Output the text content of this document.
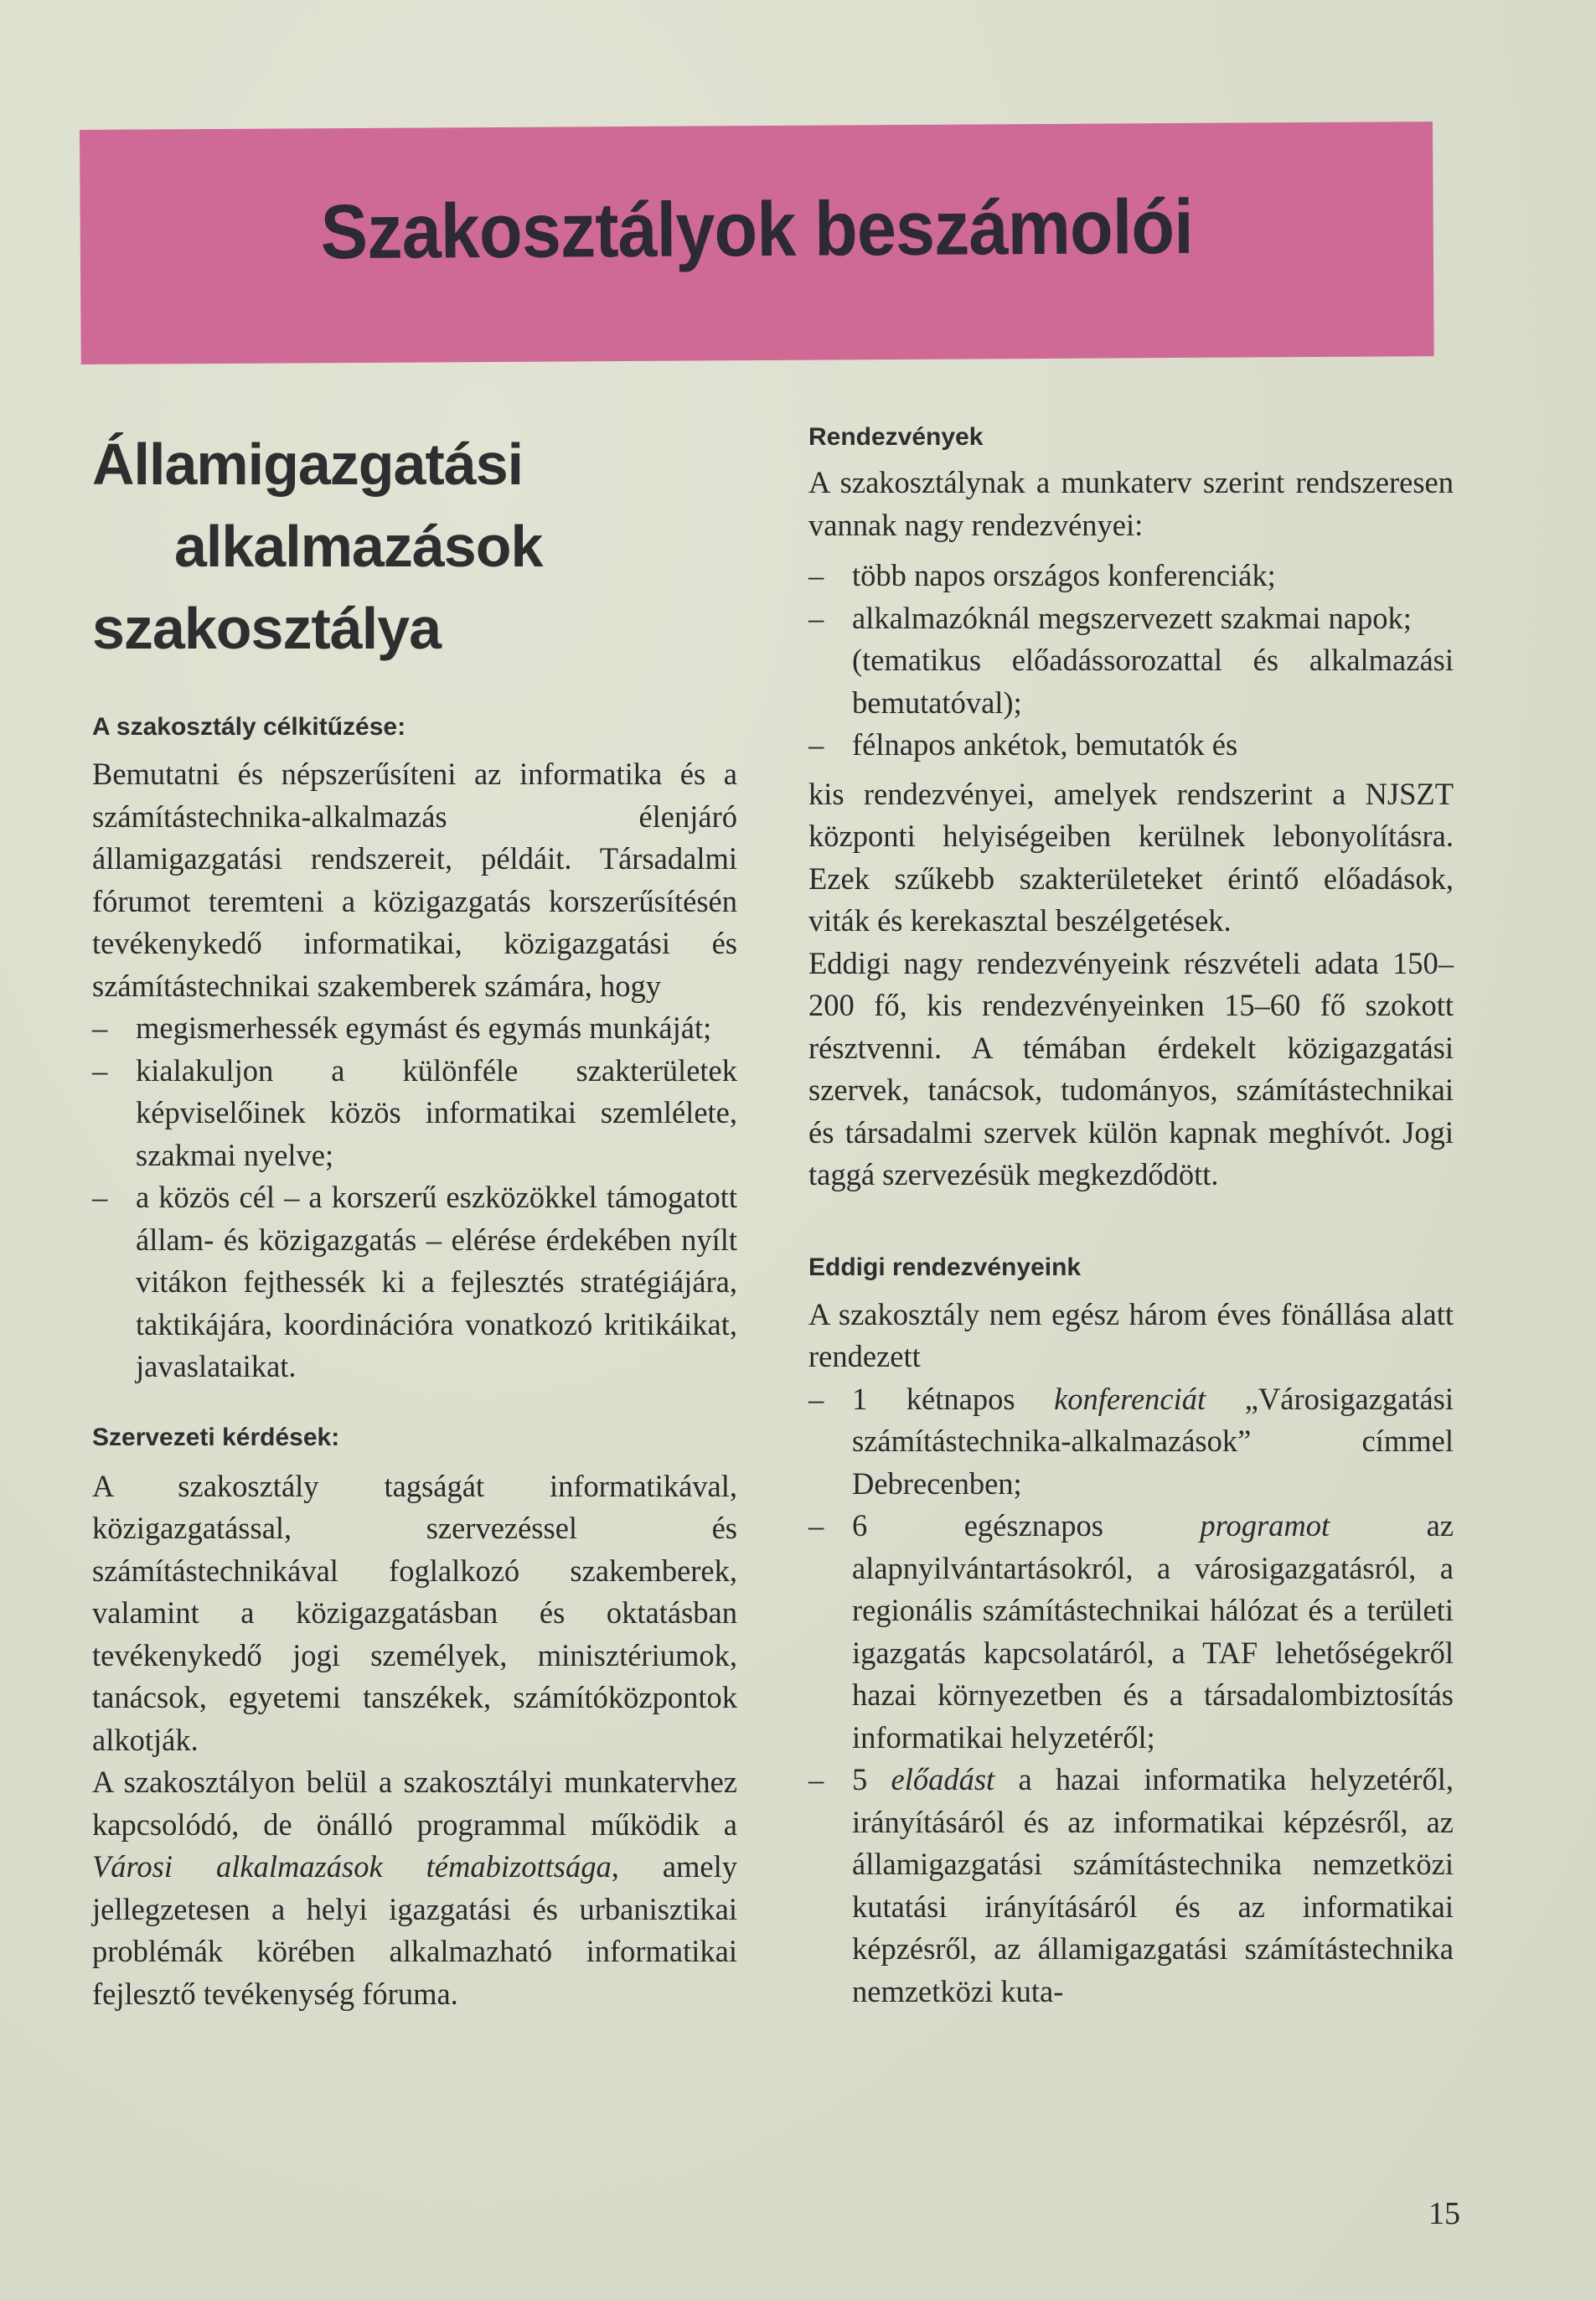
Szakosztályok beszámolói
Államigazgatási
alkalmazások
szakosztálya
A szakosztály célkitűzése:

Bemutatni és népszerűsíteni az informatika és a számítástechnika-alkalmazás élenjáró államigazgatási rendszereit, példáit. Társadalmi fórumot teremteni a közigazgatás korszerűsítésén tevékenykedő informatikai, közigazgatási és számítástechnikai szakemberek számára, hogy

– megismerhessék egymást és egymás munkáját;
– kialakuljon a különféle szakterületek képviselőinek közös informatikai szemlélete, szakmai nyelve;
– a közös cél – a korszerű eszközökkel támogatott állam- és közigazgatás – elérése érdekében nyílt vitákon fejthessék ki a fejlesztés stratégiájára, taktikájára, koordinációra vonatkozó kritikáikat, javaslataikat.
Szervezeti kérdések:

A szakosztály tagságát informatikával, közigazgatással, szervezéssel és számítástechnikával foglalkozó szakemberek, valamint a közigazgatásban és oktatásban tevékenykedő jogi személyek, minisztériumok, tanácsok, egyetemi tanszékek, számítóközpontok alkotják.

A szakosztályon belül a szakosztályi munkatervhez kapcsolódó, de önálló programmal működik a Városi alkalmazások témabizottsága, amely jellegzetesen a helyi igazgatási és urbanisztikai problémák körében alkalmazható informatikai fejlesztő tevékenység fóruma.

Rendezvények

A szakosztálynak a munkaterv szerint rendszeresen vannak nagy rendezvényei:

– több napos országos konferenciák;
– alkalmazóknál megszervezett szakmai napok;
(tematikus előadássorozattal és alkalmazási bemutatóval);
– félnapos ankétok, bemutatók és

kis rendezvényei, amelyek rendszerint a NJSZT központi helyiségeiben kerülnek lebonyolításra. Ezek szűkebb szakterületeket érintő előadások, viták és kerekasztal beszélgetések.

Eddigi nagy rendezvényeink részvételi adata 150–200 fő, kis rendezvényeinken 15–60 fő szokott résztvenni. A témában érdekelt közigazgatási szervek, tanácsok, tudományos, számítástechnikai és társadalmi szervek külön kapnak meghívót. Jogi taggá szervezésük megkezdődött.

Eddigi rendezvényeink

A szakosztály nem egész három éves fönállása alatt rendezett

– 1 kétnapos konferenciát „Városigazgatási számítástechnika-alkalmazások” címmel Debrecenben;
– 6 egésznapos programot az alapnyilvántartásokról, a városigazgatásról, a regionális számítástechnikai hálózat és a területi igazgatás kapcsolatáról, a TAF lehetőségekről hazai környezetben és a társadalombiztosítás informatikai helyzetéről;
– 5 előadást a hazai informatika helyzetéről, irányításáról és az informatikai képzésről, az államigazgatási számítástechnika nemzetközi kutatási irányításáról és az informatikai képzésről, az államigazgatási számítástechnika nemzetközi kuta-
15
